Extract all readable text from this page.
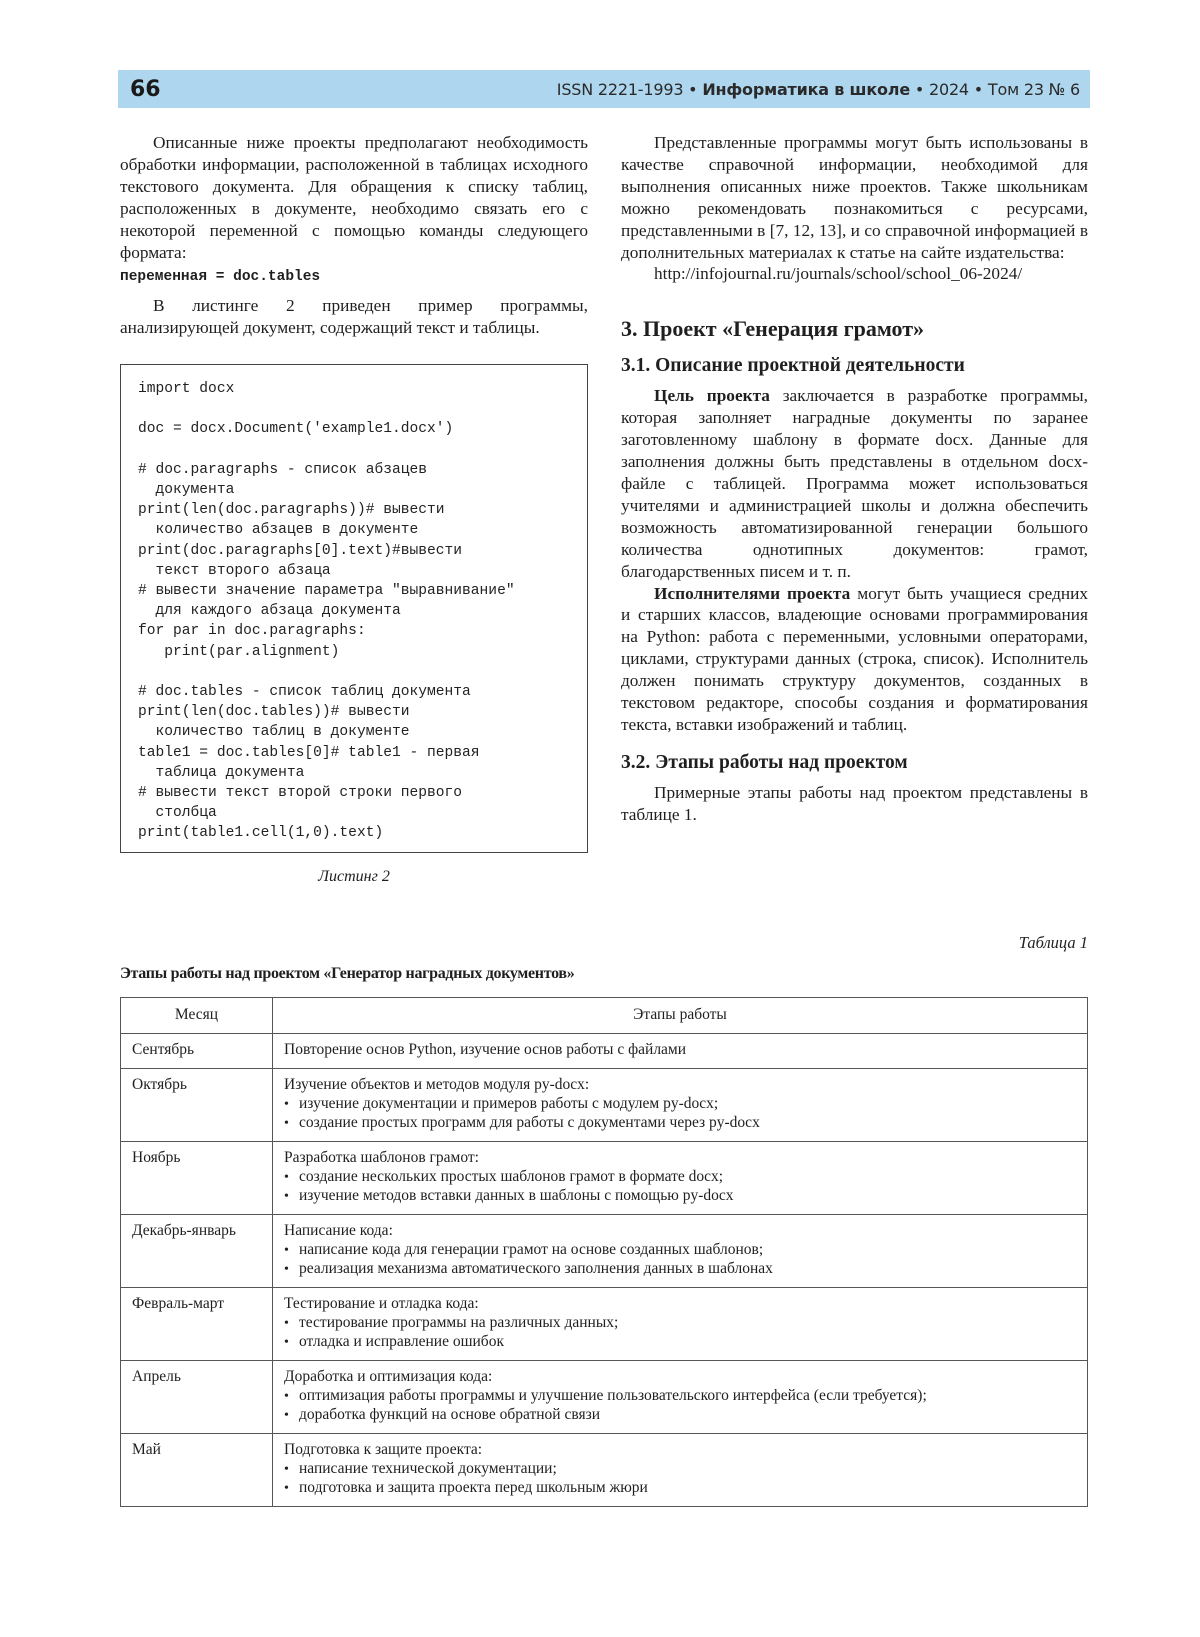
66	ISSN 2221-1993 • Информатика в школе • 2024 • Том 23 № 6

Описанные ниже проекты предполагают необходимость обработки информации, расположенной в таблицах исходного текстового документа. Для обращения к списку таблиц, расположенных в документе, необходимо связать его с некоторой переменной с помощью команды следующего формата:

переменная = doc.tables

В листинге 2 приведен пример программы, анализирующей документ, содержащий текст и таблицы.

import docx

doc = docx.Document('example1.docx')

# doc.paragraphs - список абзацев
документа
print(len(doc.paragraphs))# вывести
количество абзацев в документе
print(doc.paragraphs[0].text)#вывести
текст второго абзаца
# вывести значение параметра "выравнивание"
для каждого абзаца документа
for par in doc.paragraphs:
print(par.alignment)

# doc.tables - список таблиц документа
print(len(doc.tables))# вывести
количество таблиц в документе
table1 = doc.tables[0]# table1 - первая
таблица документа
# вывести текст второй строки первого
столбца
print(table1.cell(1,0).text)
Листинг 2

Представленные программы могут быть использованы в качестве справочной информации, необходимой для выполнения описанных ниже проектов. Также школьникам можно рекомендовать познакомиться с ресурсами, представленными в [7, 12, 13], и со справочной информацией в дополнительных материалах к статье на сайте издательства:

http://infojournal.ru/journals/school/school_06-2024/

3. Проект «Генерация грамот»
3.1. Описание проектной деятельности

Цель проекта заключается в разработке программы, которая заполняет наградные документы по заранее заготовленному шаблону в формате docx. Данные для заполнения должны быть представлены в отдельном docx-файле с таблицей. Программа может использоваться учителями и администрацией школы и должна обеспечить возможность автоматизированной генерации большого количества однотипных документов: грамот, благодарственных писем и т. п.

Исполнителями проекта могут быть учащиеся средних и старших классов, владеющие основами программирования на Python: работа с переменными, условными операторами, циклами, структурами данных (строка, список). Исполнитель должен понимать структуру документов, созданных в текстовом редакторе, способы создания и форматирования текста, вставки изображений и таблиц.

3.2. Этапы работы над проектом

Примерные этапы работы над проектом представлены в таблице 1.

Таблица 1
Этапы работы над проектом «Генератор наградных документов»
Месяц	Этапы работы
Сентябрь	Повторение основ Python, изучение основ работы с файлами

Октябрь	Изучение объектов и методов модуля py-docx:
• изучение документации и примеров работы с модулем py-docx;
• создание простых программ для работы с документами через py-docx

Ноябрь	Разработка шаблонов грамот:
• создание нескольких простых шаблонов грамот в формате docx;
• изучение методов вставки данных в шаблоны с помощью py-docx

Декабрь-январь	Написание кода:
• написание кода для генерации грамот на основе созданных шаблонов;
• реализация механизма автоматического заполнения данных в шаблонах

Февраль-март	Тестирование и отладка кода:
• тестирование программы на различных данных;
• отладка и исправление ошибок

Апрель	Доработка и оптимизация кода:
• оптимизация работы программы и улучшение пользовательского интерфейса (если требуется);
• доработка функций на основе обратной связи

Май	Подготовка к защите проекта:
• написание технической документации;
• подготовка и защита проекта перед школьным жюри
